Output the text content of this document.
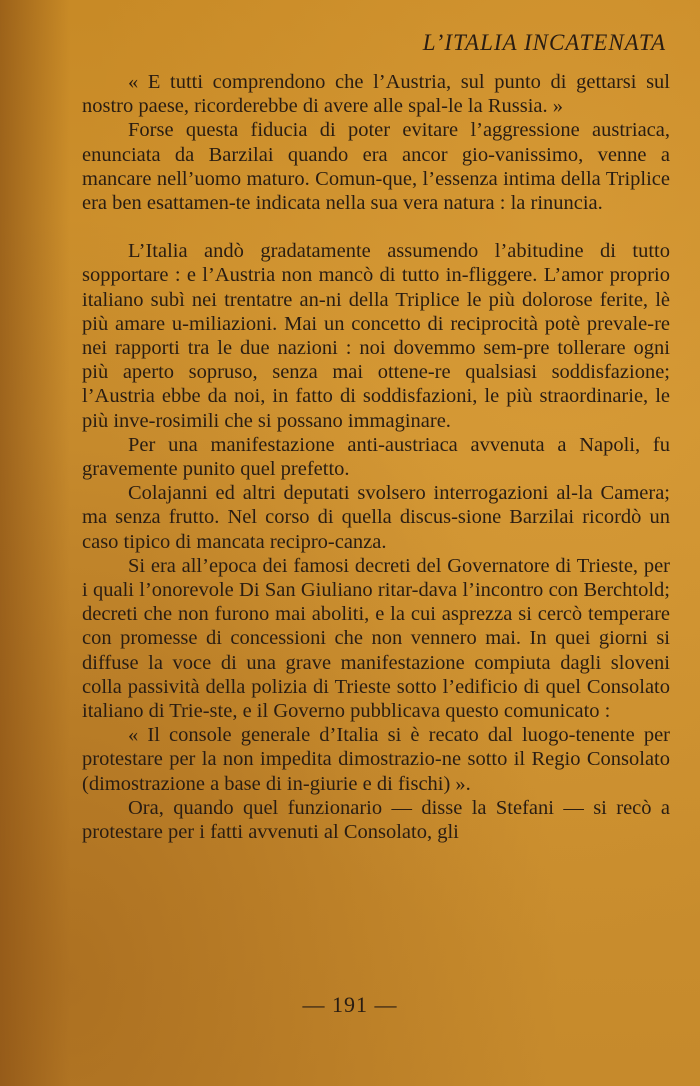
L’ITALIA INCATENATA

« E tutti comprendono che l’Austria, sul punto di gettarsi sul nostro paese, ricorderebbe di avere alle spal-le la Russia. »

Forse questa fiducia di poter evitare l’aggressione austriaca, enunciata da Barzilai quando era ancor gio-vanissimo, venne a mancare nell’uomo maturo. Comun-que, l’essenza intima della Triplice era ben esattamen-te indicata nella sua vera natura : la rinuncia.

L’Italia andò gradatamente assumendo l’abitudine di tutto sopportare : e l’Austria non mancò di tutto in-fliggere. L’amor proprio italiano subì nei trentatre an-ni della Triplice le più dolorose ferite, lè più amare u-miliazioni. Mai un concetto di reciprocità potè prevale-re nei rapporti tra le due nazioni : noi dovemmo sem-pre tollerare ogni più aperto sopruso, senza mai ottene-re qualsiasi soddisfazione; l’Austria ebbe da noi, in fatto di soddisfazioni, le più straordinarie, le più inve-rosimili che si possano immaginare.

Per una manifestazione anti-austriaca avvenuta a Napoli, fu gravemente punito quel prefetto.

Colajanni ed altri deputati svolsero interrogazioni al-la Camera; ma senza frutto. Nel corso di quella discus-sione Barzilai ricordò un caso tipico di mancata recipro-canza.

Si era all’epoca dei famosi decreti del Governatore di Trieste, per i quali l’onorevole Di San Giuliano ritar-dava l’incontro con Berchtold; decreti che non furono mai aboliti, e la cui asprezza si cercò temperare con promesse di concessioni che non vennero mai. In quei giorni si diffuse la voce di una grave manifestazione compiuta dagli sloveni colla passività della polizia di Trieste sotto l’edificio di quel Consolato italiano di Trie-ste, e il Governo pubblicava questo comunicato :

« Il console generale d’Italia si è recato dal luogo-tenente per protestare per la non impedita dimostrazio-ne sotto il Regio Consolato (dimostrazione a base di in-giurie e di fischi) ».

Ora, quando quel funzionario — disse la Stefani — si recò a protestare per i fatti avvenuti al Consolato, gli

— 191 —
